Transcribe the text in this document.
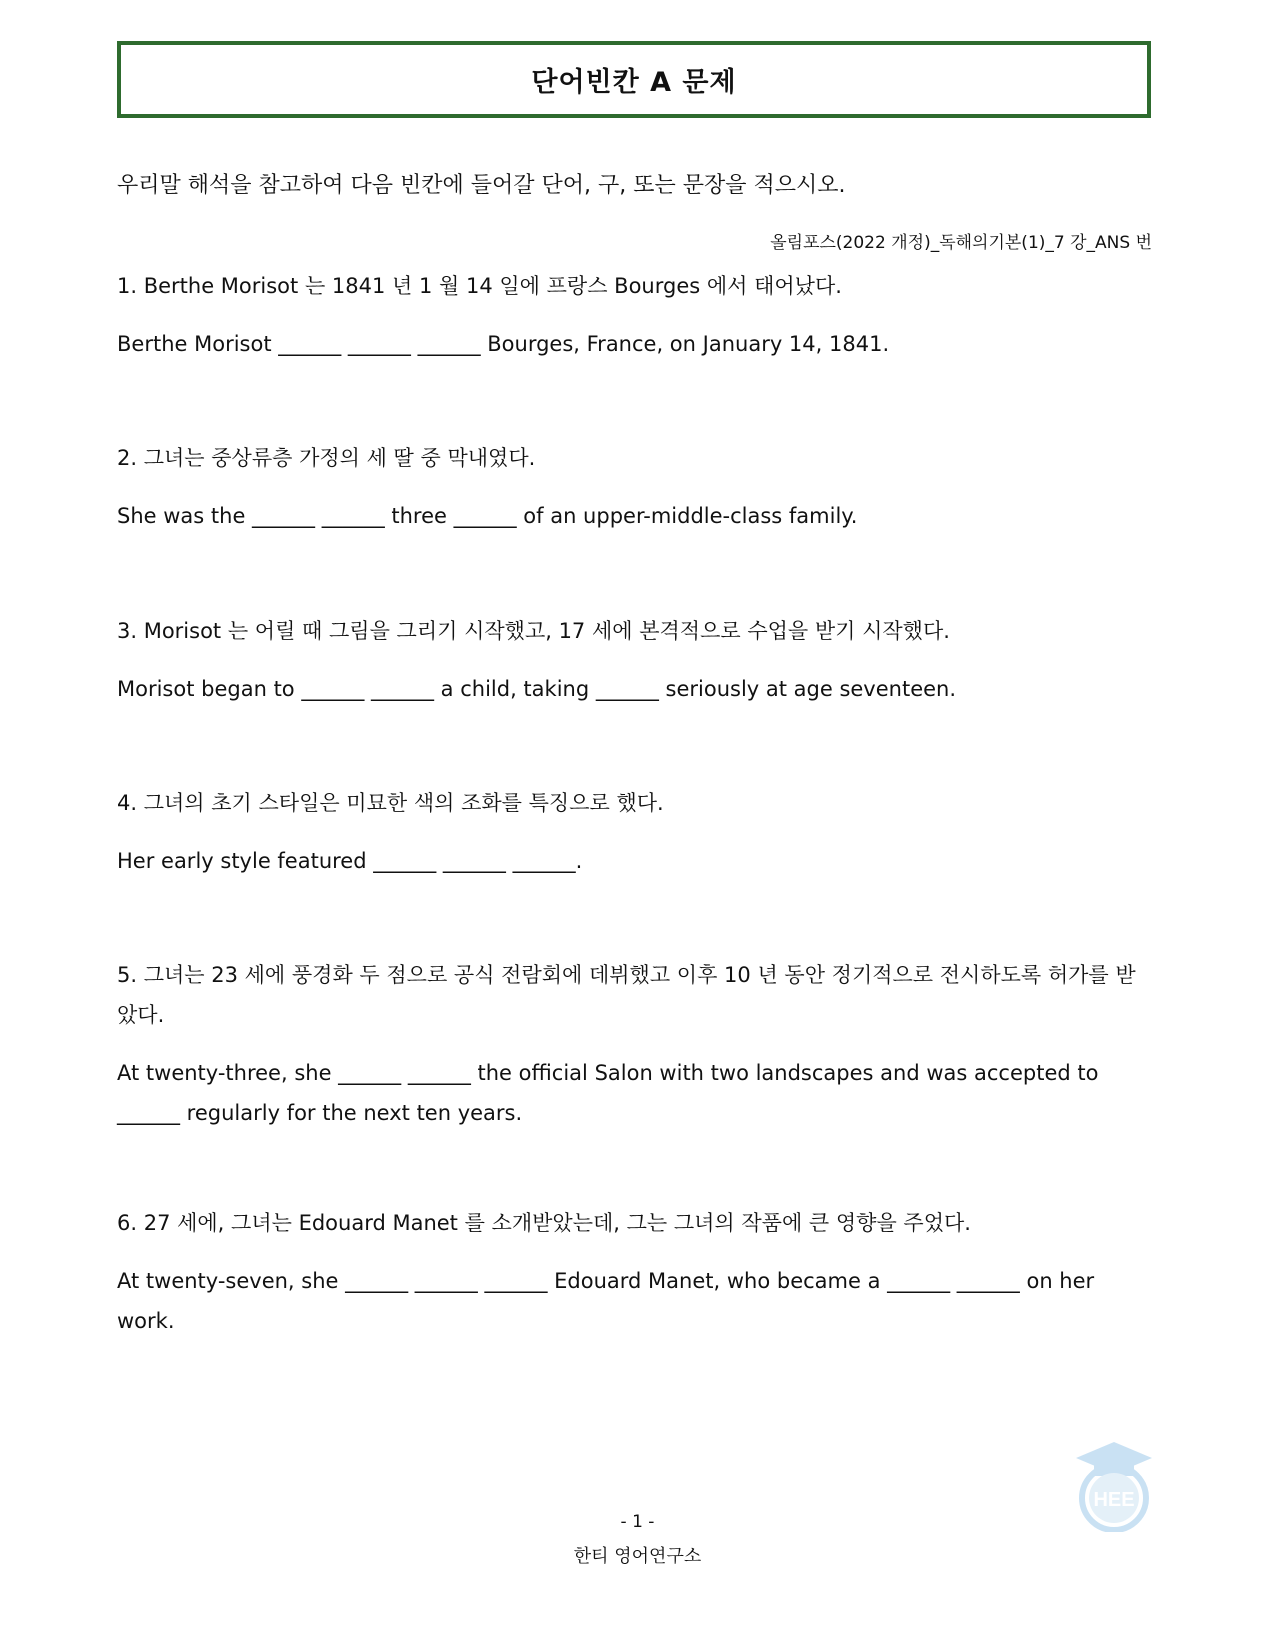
단어빈칸 A 문제
우리말 해석을 참고하여 다음 빈칸에 들어갈 단어, 구, 또는 문장을 적으시오.
올림포스(2022 개정)_독해의기본(1)_7 강_ANS 번

1. Berthe Morisot 는 1841 년 1 월 14 일에 프랑스 Bourges 에서 태어났다.

Berthe Morisot ______ ______ ______ Bourges, France, on January 14, 1841.

2. 그녀는 중상류층 가정의 세 딸 중 막내였다.

She was the ______ ______ three ______ of an upper-middle-class family.

3. Morisot 는 어릴 때 그림을 그리기 시작했고, 17 세에 본격적으로 수업을 받기 시작했다.

Morisot began to ______ ______ a child, taking ______ seriously at age seventeen.

4. 그녀의 초기 스타일은 미묘한 색의 조화를 특징으로 했다.

Her early style featured ______ ______ ______.

5. 그녀는 23 세에 풍경화 두 점으로 공식 전람회에 데뷔했고 이후 10 년 동안 정기적으로 전시하도록 허가를 받았다.

At twenty-three, she ______ ______ the official Salon with two landscapes and was accepted to ______ regularly for the next ten years.

6. 27 세에, 그녀는 Edouard Manet 를 소개받았는데, 그는 그녀의 작품에 큰 영향을 주었다.

At twenty-seven, she ______ ______ ______ Edouard Manet, who became a ______ ______ on her work.

HEE
- 1 -
한티 영어연구소
